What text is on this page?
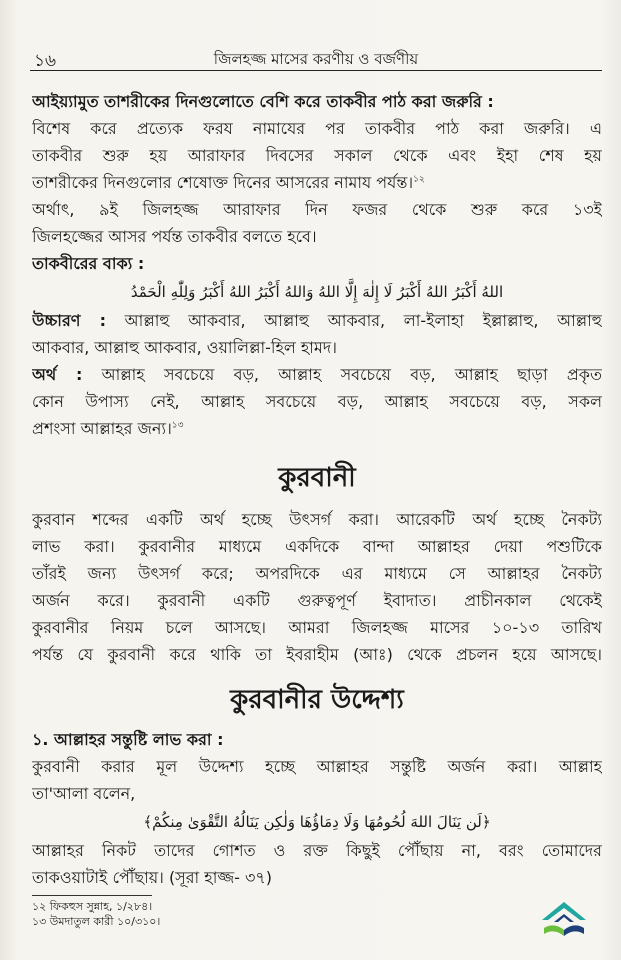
১৬	জিলহজ্জ মাসের করণীয় ও বর্জণীয়
আইয়্যামুত তাশরীকের দিনগুলোতে বেশি করে তাকবীর পাঠ করা জরুরি :
বিশেষ করে প্রত্যেক ফরয নামাযের পর তাকবীর পাঠ করা জরুরি। এ
তাকবীর শুরু হয় আরাফার দিবসের সকাল থেকে এবং ইহা শেষ হয়
তাশরীকের দিনগুলোর শেষোক্ত দিনের আসরের নামায পর্যন্ত।$^{১২}$
অর্থাৎ, ৯ই জিলহজ্জ আরাফার দিন ফজর থেকে শুরু করে ১৩ই
জিলহজ্জের আসর পর্যন্ত তাকবীর বলতে হবে।
তাকবীরের বাক্য :
اللهُ أَكْبَرُ اللهُ أَكْبَرُ لَا إِلٰهَ إِلَّا اللهُ وَاللهُ أَكْبَرُ اللهُ أَكْبَرُ وَلِلّٰهِ الْحَمْدُ
উচ্চারণ : আল্লাহু আকবার, আল্লাহু আকবার, লা-ইলাহা ইল্লাল্লাহু, আল্লাহু
আকবার, আল্লাহু আকবার, ওয়ালিল্লা-হিল হামদ।
অর্থ : আল্লাহ সবচেয়ে বড়, আল্লাহ সবচেয়ে বড়, আল্লাহ ছাড়া প্রকৃত
কোন উপাস্য নেই, আল্লাহ সবচেয়ে বড়, আল্লাহ সবচেয়ে বড়, সকল
প্রশংসা আল্লাহর জন্য।$^{১৩}$
কুরবানী
কুরবান শব্দের একটি অর্থ হচ্ছে উৎসর্গ করা। আরেকটি অর্থ হচ্ছে নৈকট্য
লাভ করা। কুরবানীর মাধ্যমে একদিকে বান্দা আল্লাহর দেয়া পশুটিকে
তাঁরই জন্য উৎসর্গ করে; অপরদিকে এর মাধ্যমে সে আল্লাহর নৈকট্য
অর্জন করে। কুরবানী একটি গুরুত্বপূর্ণ ইবাদাত। প্রাচীনকাল থেকেই
কুরবানীর নিয়ম চলে আসছে। আমরা জিলহজ্জ মাসের ১০-১৩ তারিখ
পর্যন্ত যে কুরবানী করে থাকি তা ইবরাহীম (আঃ) থেকে প্রচলন হয়ে আসছে।
কুরবানীর উদ্দেশ্য
১. আল্লাহর সন্তুষ্টি লাভ করা :
কুরবানী করার মূল উদ্দেশ্য হচ্ছে আল্লাহর সন্তুষ্টি অর্জন করা। আল্লাহ
তা'আলা বলেন,
﴿لَن يَنَالَ اللهَ لُحُومُهَا وَلَا دِمَاؤُهَا وَلٰكِن يَنَالُهُ التَّقْوَىٰ مِنكُمْ﴾
আল্লাহর নিকট তাদের গোশত ও রক্ত কিছুই পৌঁছায় না, বরং তোমাদের
তাকওয়াটাই পৌঁছায়। (সূরা হাজ্জ- ৩৭)
১২ ফিকহুস সুন্নাহ, ১/২৮৪।
১৩ উমদাতুল কারী ১০/৩১০।
